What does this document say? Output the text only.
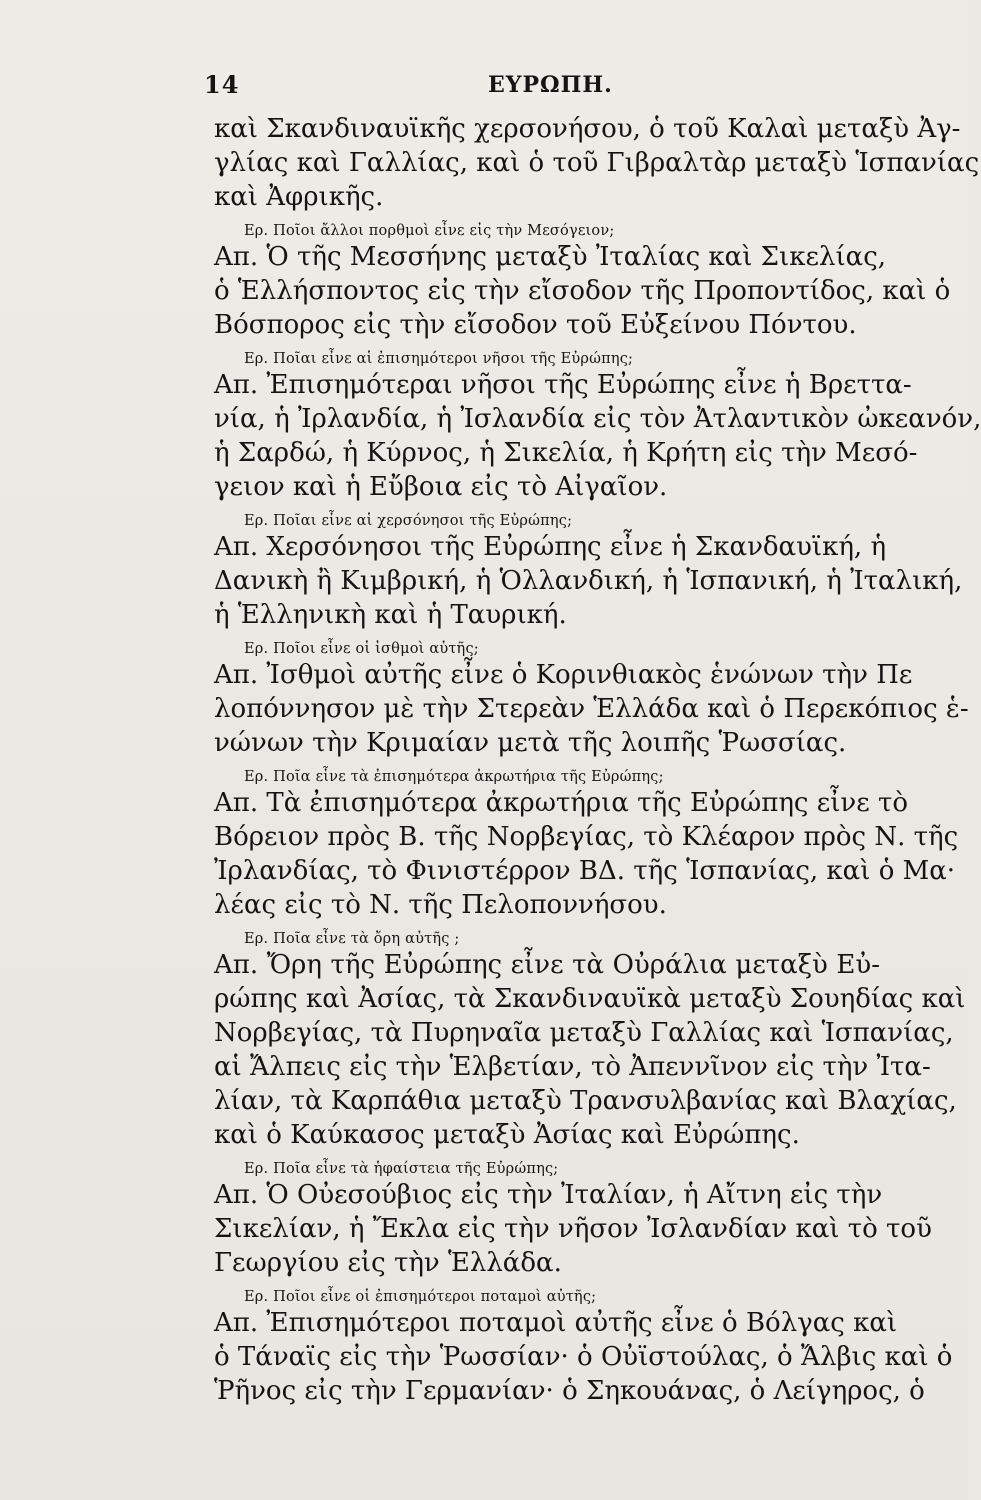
14	ΕΥΡΩΠΗ.
καὶ Σκανδιναυϊκῆς χερσονήσου, ὁ τοῦ Καλαὶ μεταξὺ Ἀγ-
γλίας καὶ Γαλλίας, καὶ ὁ τοῦ Γιβραλτὰρ μεταξὺ Ἱσπανίας
καὶ Ἀφρικῆς.
Ερ. Ποῖοι ἄλλοι πορθμοὶ εἶνε εἰς τὴν Μεσόγειον;
Απ. Ὁ τῆς Μεσσήνης μεταξὺ Ἰταλίας καὶ Σικελίας,
ὁ Ἑλλήσποντος εἰς τὴν εἴσοδον τῆς Προποντίδος, καὶ ὁ
Βόσπορος εἰς τὴν εἴσοδον τοῦ Εὐξείνου Πόντου.
Ερ. Ποῖαι εἶνε αἱ ἐπισημότεροι νῆσοι τῆς Εὐρώπης;
Απ. Ἐπισημότεραι νῆσοι τῆς Εὐρώπης εἶνε ἡ Βρεττα-
νία, ἡ Ἰρλανδία, ἡ Ἰσλανδία εἰς τὸν Ἀτλαντικὸν ὠκεανόν,
ἡ Σαρδώ, ἡ Κύρνος, ἡ Σικελία, ἡ Κρήτη εἰς τὴν Μεσό-
γειον καὶ ἡ Εὔβοια εἰς τὸ Αἰγαῖον.
Ερ. Ποῖαι εἶνε αἱ χερσόνησοι τῆς Εὐρώπης;
Απ. Χερσόνησοι τῆς Εὐρώπης εἶνε ἡ Σκανδαυϊκή, ἡ
Δανικὴ ἢ Κιμβρική, ἡ Ὁλλανδική, ἡ Ἱσπανική, ἡ Ἰταλική,
ἡ Ἑλληνικὴ καὶ ἡ Ταυρική.
Ερ. Ποῖοι εἶνε οἱ ἰσθμοὶ αὐτῆς;
Απ. Ἰσθμοὶ αὐτῆς εἶνε ὁ Κορινθιακὸς ἑνώνων τὴν Πε
λοπόννησον μὲ τὴν Στερεὰν Ἑλλάδα καὶ ὁ Περεκόπιος ἑ-
νώνων τὴν Κριμαίαν μετὰ τῆς λοιπῆς Ῥωσσίας.
Ερ. Ποῖα εἶνε τὰ ἐπισημότερα ἀκρωτήρια τῆς Εὐρώπης;
Απ. Τὰ ἐπισημότερα ἀκρωτήρια τῆς Εὐρώπης εἶνε τὸ
Βόρειον πρὸς Β. τῆς Νορβεγίας, τὸ Κλέαρον πρὸς Ν. τῆς
Ἰρλανδίας, τὸ Φινιστέρρον ΒΔ. τῆς Ἱσπανίας, καὶ ὁ Μα·
λέας εἰς τὸ Ν. τῆς Πελοποννήσου.
Ερ. Ποῖα εἶνε τὰ ὄρη αὐτῆς ;
Απ. Ὄρη τῆς Εὐρώπης εἶνε τὰ Οὐράλια μεταξὺ Εὐ-
ρώπης καὶ Ἀσίας, τὰ Σκανδιναυϊκὰ μεταξὺ Σουηδίας καὶ
Νορβεγίας, τὰ Πυρηναῖα μεταξὺ Γαλλίας καὶ Ἱσπανίας,
αἱ Ἄλπεις εἰς τὴν Ἑλβετίαν, τὸ Ἀπεννῖνον εἰς τὴν Ἰτα-
λίαν, τὰ Καρπάθια μεταξὺ Τρανσυλβανίας καὶ Βλαχίας,
καὶ ὁ Καύκασος μεταξὺ Ἀσίας καὶ Εὐρώπης.
Ερ. Ποῖα εἶνε τὰ ἡφαίστεια τῆς Εὐρώπης;
Απ. Ὁ Οὐεσούβιος εἰς τὴν Ἰταλίαν, ἡ Αἴτνη εἰς τὴν
Σικελίαν, ἡ Ἔκλα εἰς τὴν νῆσον Ἰσλανδίαν καὶ τὸ τοῦ
Γεωργίου εἰς τὴν Ἑλλάδα.
Ερ. Ποῖοι εἶνε οἱ ἐπισημότεροι ποταμοὶ αὐτῆς;
Απ. Ἐπισημότεροι ποταμοὶ αὐτῆς εἶνε ὁ Βόλγας καὶ
ὁ Τάναϊς εἰς τὴν Ῥωσσίαν· ὁ Οὐϊστούλας, ὁ Ἄλβις καὶ ὁ
Ῥῆνος εἰς τὴν Γερμανίαν· ὁ Σηκουάνας, ὁ Λείγηρος, ὁ
